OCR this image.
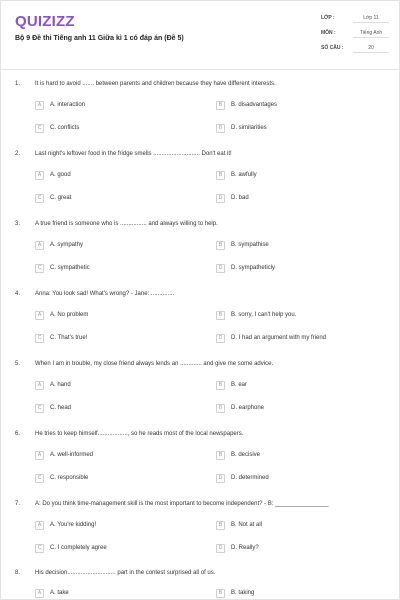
QUIZIZZ
Bộ 9 Đề thi Tiếng anh 11 Giữa kì 1 có đáp án (Đề 5)
LỚP :	Lớp 11
MÔN :	Tiếng Anh
SỐ CÂU :	20
1. It is hard to avoid ....... between parents and children because they have different interests.
A	A. interaction	B	B. disadvantages
C	C. conflicts	D	D. similarities
2. Last night's leftover food in the fridge smells ............................ Don't eat it!
A	A. good	B	B. awfully
C	C. great	D	D. bad
3. A true friend is someone who is ................ and always willing to help.
A	A. sympathy	B	B. sympathise
C	C. sympathetic	D	D. sympatheticly
4. Anna: You look sad! What's wrong? - Jane: ..............
A	A. No problem	B	B. sorry, I can't help you.
C	C. That's true!	D	D. I had an argument with my friend
5. When I am in trouble, my close friend always lends an ............. and give me some advice.
A	A. hand	B	B. ear
C	C. head	D	D. earphone
6. He tries to keep himself.................., so he reads most of the local newspapers.
A	A. well-informed	B	B. decisive
C	C. responsible	D	D. determined
7. A: Do you think time-management skill is the most important to become independent? - B: ________________
A	A. You're kidding!	B	B. Not at all
C	C. I completely agree	D	D. Really?
8. His decision............................. part in the contest surprised all of us.
A	A. take	B	B. taking
